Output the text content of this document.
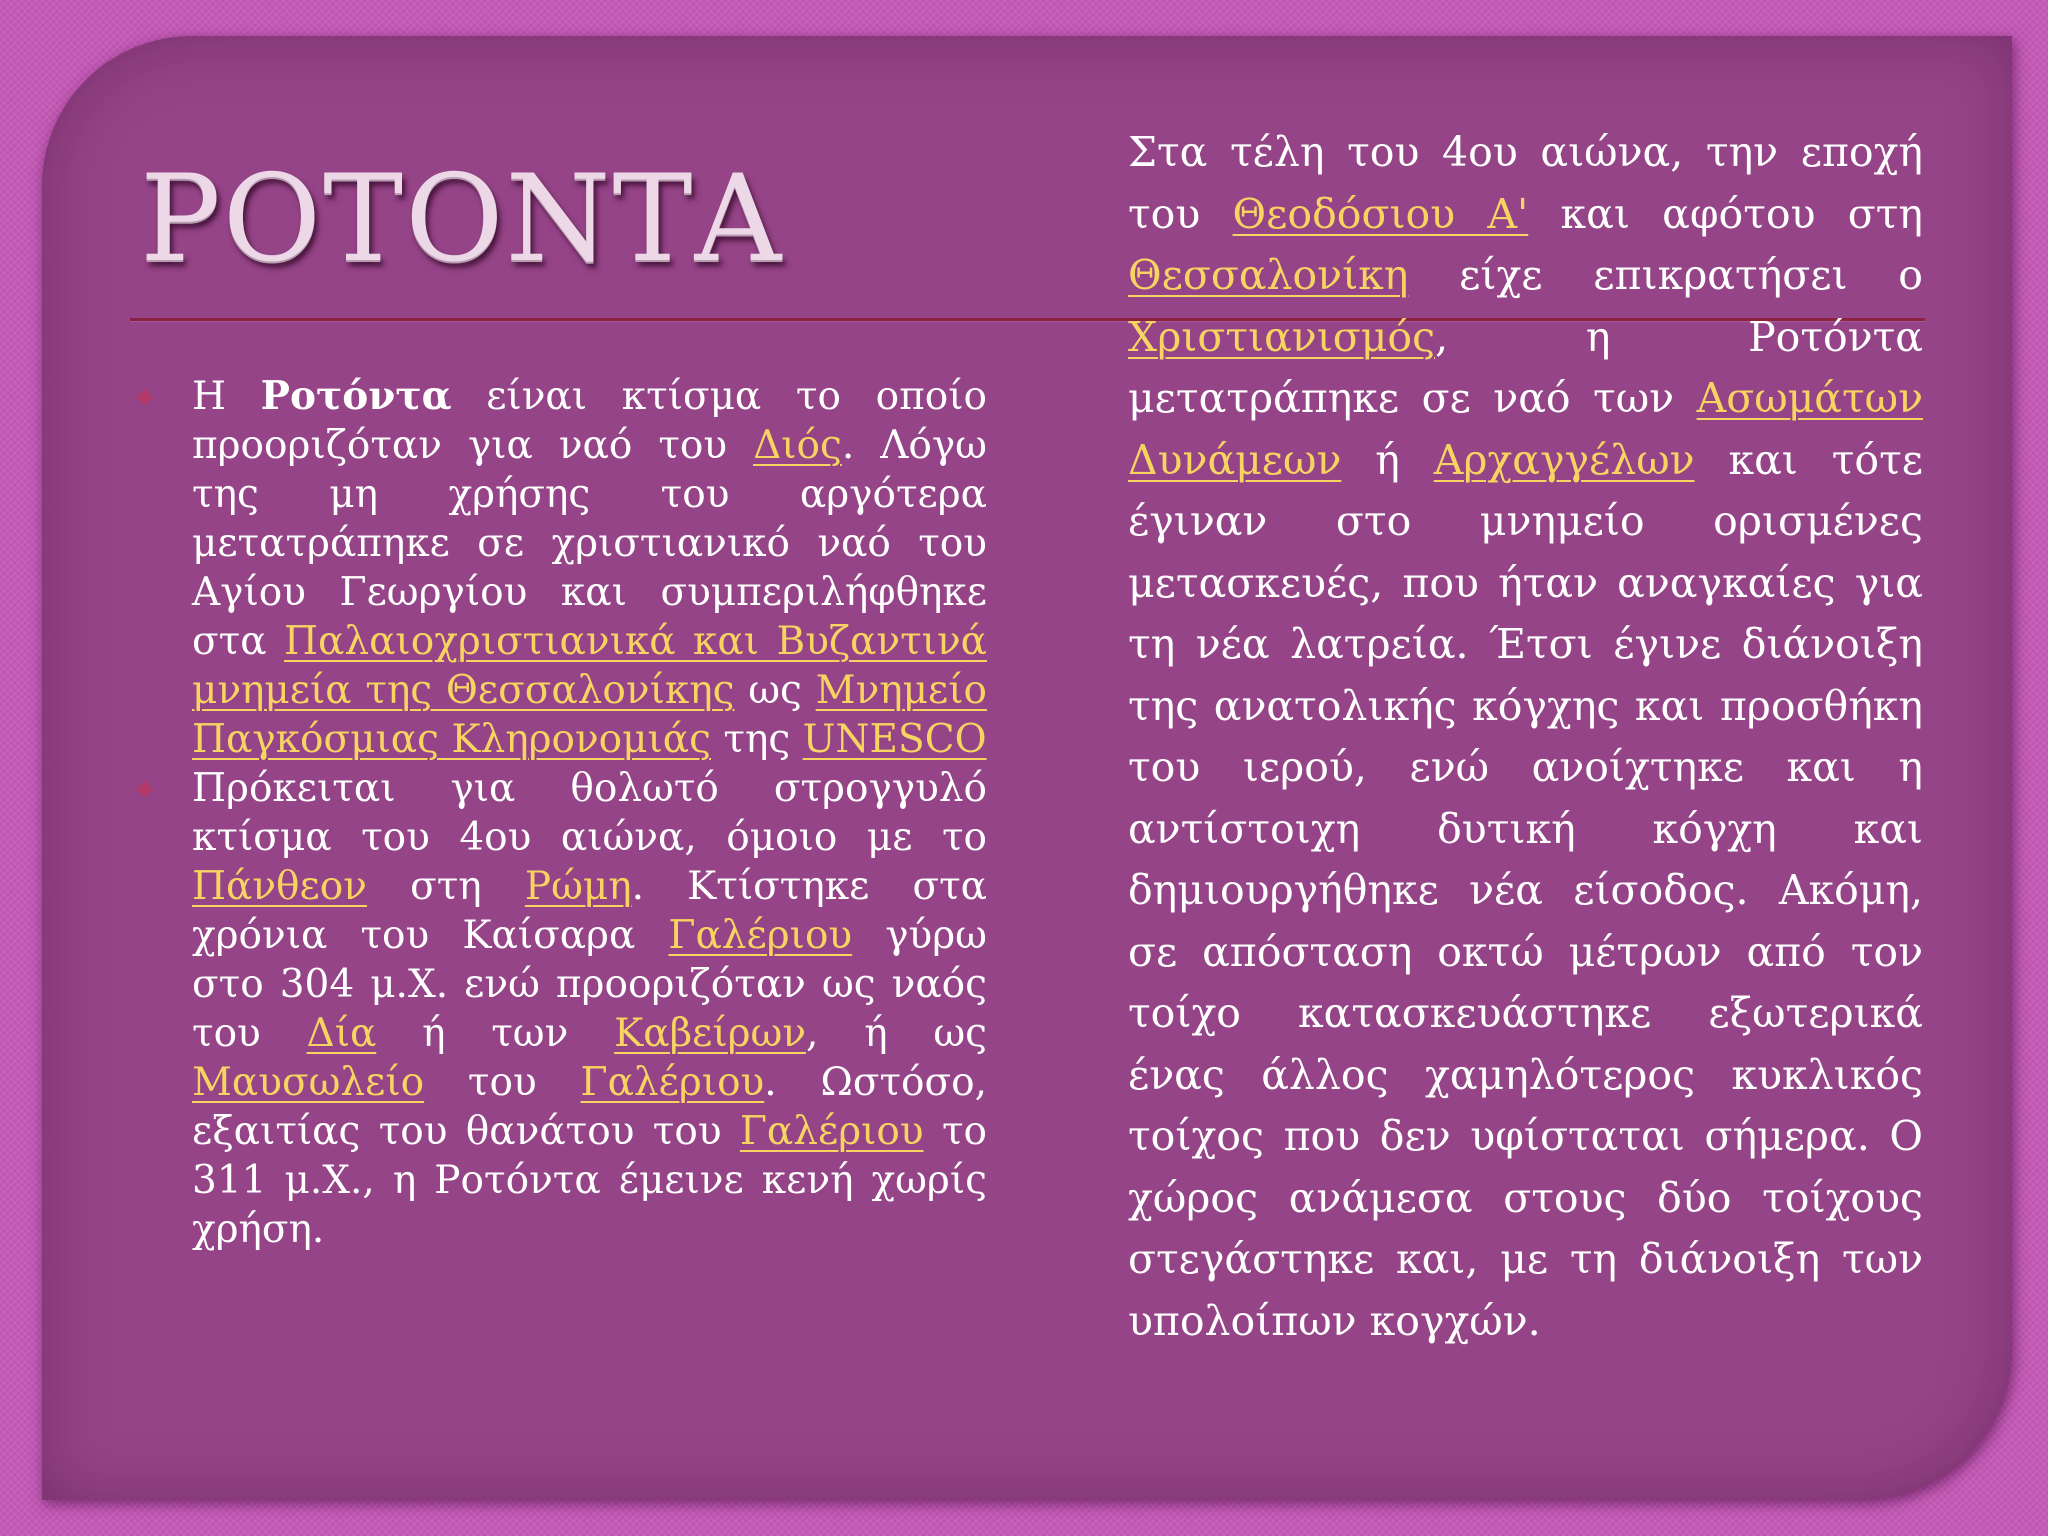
ΡΟΤΟΝΤΑ
◆ Η Ροτόντα είναι κτίσμα το οποίο προοριζόταν για ναό του Διός. Λόγω της μη χρήσης του αργότερα μετατράπηκε σε χριστιανικό ναό του Αγίου Γεωργίου και συμπεριλήφθηκε στα Παλαιοχριστιανικά και Βυζαντινά μνημεία της Θεσσαλονίκης ως Μνημείο Παγκόσμιας Κληρονομιάς της UNESCO
◆ Πρόκειται για θολωτό στρογγυλό κτίσμα του 4ου αιώνα, όμοιο με το Πάνθεον στη Ρώμη. Κτίστηκε στα χρόνια του Καίσαρα Γαλέριου γύρω στο 304 μ.Χ. ενώ προοριζόταν ως ναός του Δία ή των Καβείρων, ή ως Μαυσωλείο του Γαλέριου. Ωστόσο, εξαιτίας του θανάτου του Γαλέριου το 311 μ.Χ., η Ροτόντα έμεινε κενή χωρίς χρήση.

Στα τέλη του 4ου αιώνα, την εποχή του Θεοδόσιου Α' και αφότου στη Θεσσαλονίκη είχε επικρατήσει ο Χριστιανισμός, η Ροτόντα μετατράπηκε σε ναό των Ασωμάτων Δυνάμεων ή Αρχαγγέλων και τότε έγιναν στο μνημείο ορισμένες μετασκευές, που ήταν αναγκαίες για τη νέα λατρεία. Έτσι έγινε διάνοιξη της ανατολικής κόγχης και προσθήκη του ιερού, ενώ ανοίχτηκε και η αντίστοιχη δυτική κόγχη και δημιουργήθηκε νέα είσοδος. Ακόμη, σε απόσταση οκτώ μέτρων από τον τοίχο κατασκευάστηκε εξωτερικά ένας άλλος χαμηλότερος κυκλικός τοίχος που δεν υφίσταται σήμερα. Ο χώρος ανάμεσα στους δύο τοίχους στεγάστηκε και, με τη διάνοιξη των υπολοίπων κογχών.
